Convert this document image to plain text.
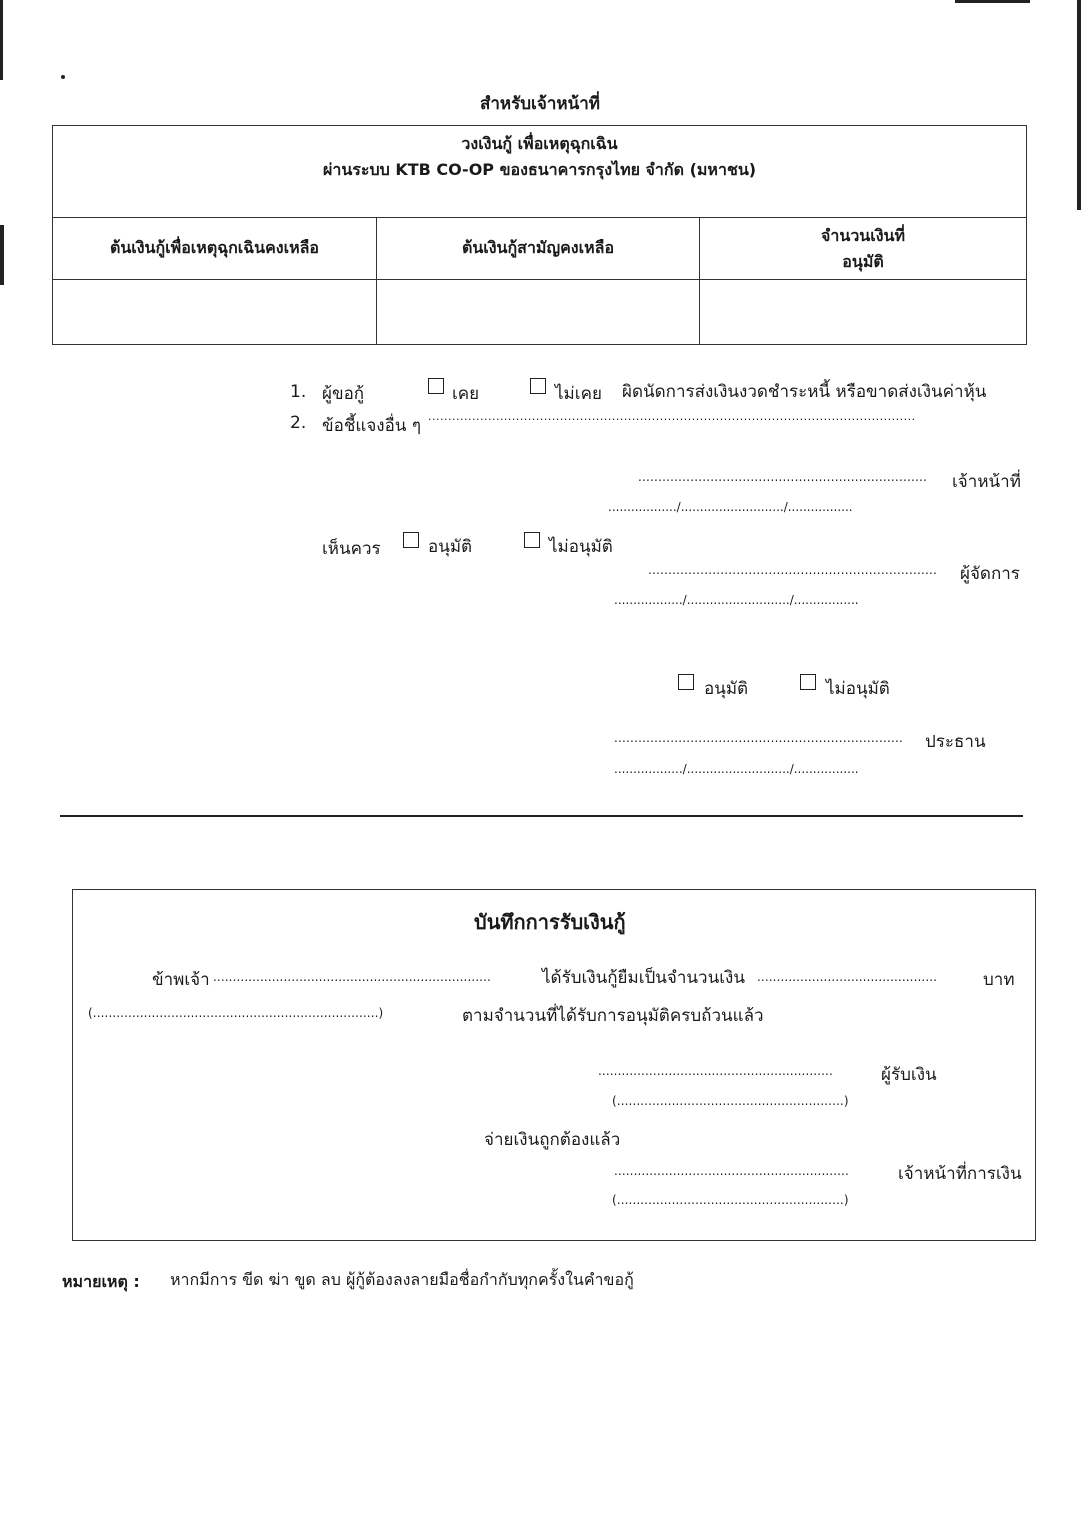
สำหรับเจ้าหน้าที่
วงเงินกู้ เพื่อเหตุฉุกเฉิน
ผ่านระบบ KTB CO-OP ของธนาคารกรุงไทย จำกัด (มหาชน)		

ต้นเงินกู้เพื่อเหตุฉุกเฉินคงเหลือ	ต้นเงินกู้สามัญคงเหลือ	จำนวนเงินที่
อนุมัติ

1. ผู้ขอกู้	เคย	ไม่เคย ผิดนัดการส่งเงินงวดชำระหนี้ หรือขาดส่งเงินค่าหุ้น
2. ข้อชี้แจงอื่น ๆ ..........................................................................................................................
........................................................................ เจ้าหน้าที่
................../.........................../.................
เห็นควร	อนุมัติ	ไม่อนุมัติ
........................................................................ ผู้จัดการ
................../.........................../.................
อนุมัติ	ไม่อนุมัติ
........................................................................ ประธาน
................../.........................../.................
บันทึกการรับเงินกู้
ข้าพเจ้า .......................................................................	ได้รับเงินกู้ยืมเป็นจำนวนเงิน ..............................................	บาท
(.........................................................................)	ตามจำนวนที่ได้รับการอนุมัติครบถ้วนแล้ว
............................................................	ผู้รับเงิน
(..........................................................)
จ่ายเงินถูกต้องแล้ว
............................................................	เจ้าหน้าที่การเงิน
(..........................................................)
หมายเหตุ : หากมีการ ขีด ฆ่า ขูด ลบ ผู้กู้ต้องลงลายมือชื่อกำกับทุกครั้งในคำขอกู้
